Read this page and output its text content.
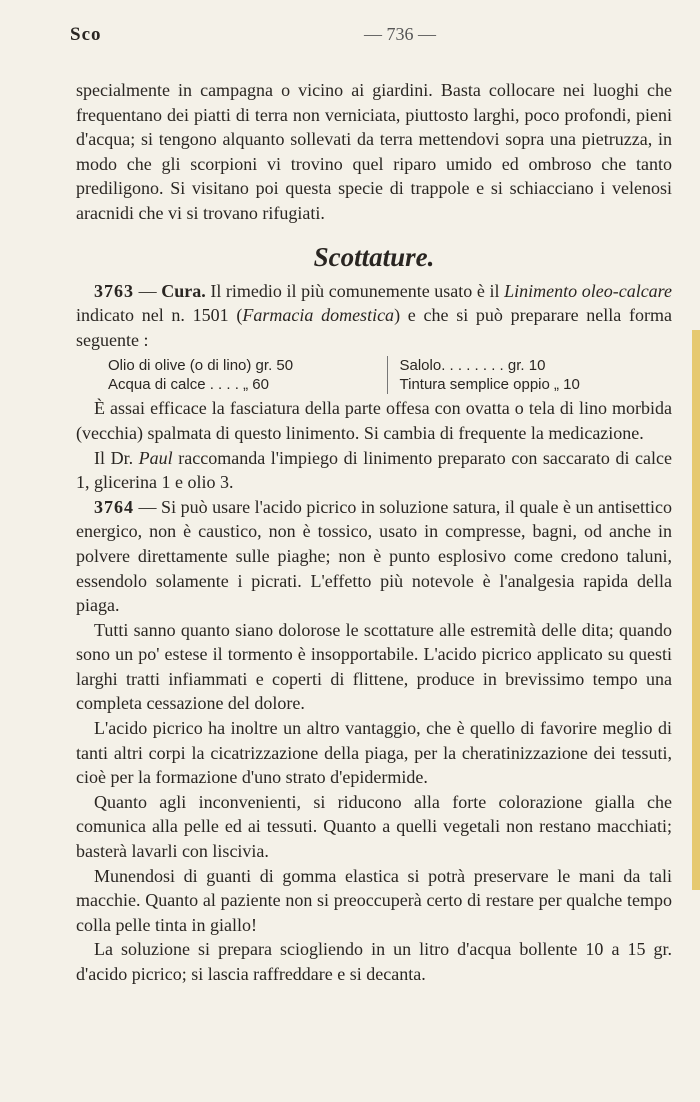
Sco	— 736 —

specialmente in campagna o vicino ai giardini. Basta collocare nei luoghi che frequentano dei piatti di terra non verniciata, piuttosto larghi, poco profondi, pieni d'acqua; si tengono alquanto sollevati da terra mettendovi sopra una pietruzza, in modo che gli scorpioni vi trovino quel riparo umido ed ombroso che tanto prediligono. Si visitano poi questa specie di trappole e si schiacciano i velenosi aracnidi che vi si trovano rifugiati.

Scottature.

3763 — Cura. Il rimedio il più comunemente usato è il Linimento oleo-calcare indicato nel n. 1501 (Farmacia domestica) e che si può preparare nella forma seguente :

Olio di olive (o di lino) gr. 50
Acqua di calce . . . . „ 60
Salolo. . . . . . . . gr. 10
Tintura semplice oppio „ 10

È assai efficace la fasciatura della parte offesa con ovatta o tela di lino morbida (vecchia) spalmata di questo linimento. Si cambia di frequente la medicazione.

Il Dr. Paul raccomanda l'impiego di linimento preparato con saccarato di calce 1, glicerina 1 e olio 3.

3764 — Si può usare l'acido picrico in soluzione satura, il quale è un antisettico energico, non è caustico, non è tossico, usato in compresse, bagni, od anche in polvere direttamente sulle piaghe; non è punto esplosivo come credono taluni, essendolo solamente i picrati. L'effetto più notevole è l'analgesia rapida della piaga.

Tutti sanno quanto siano dolorose le scottature alle estremità delle dita; quando sono un po' estese il tormento è insopportabile. L'acido picrico applicato su questi larghi tratti infiammati e coperti di flittene, produce in brevissimo tempo una completa cessazione del dolore.

L'acido picrico ha inoltre un altro vantaggio, che è quello di favorire meglio di tanti altri corpi la cicatrizzazione della piaga, per la cheratinizzazione dei tessuti, cioè per la formazione d'uno strato d'epidermide.

Quanto agli inconvenienti, si riducono alla forte colorazione gialla che comunica alla pelle ed ai tessuti. Quanto a quelli vegetali non restano macchiati; basterà lavarli con liscivia.

Munendosi di guanti di gomma elastica si potrà preservare le mani da tali macchie. Quanto al paziente non si preoccuperà certo di restare per qualche tempo colla pelle tinta in giallo!

La soluzione si prepara sciogliendo in un litro d'acqua bollente 10 a 15 gr. d'acido picrico; si lascia raffreddare e si decanta.
